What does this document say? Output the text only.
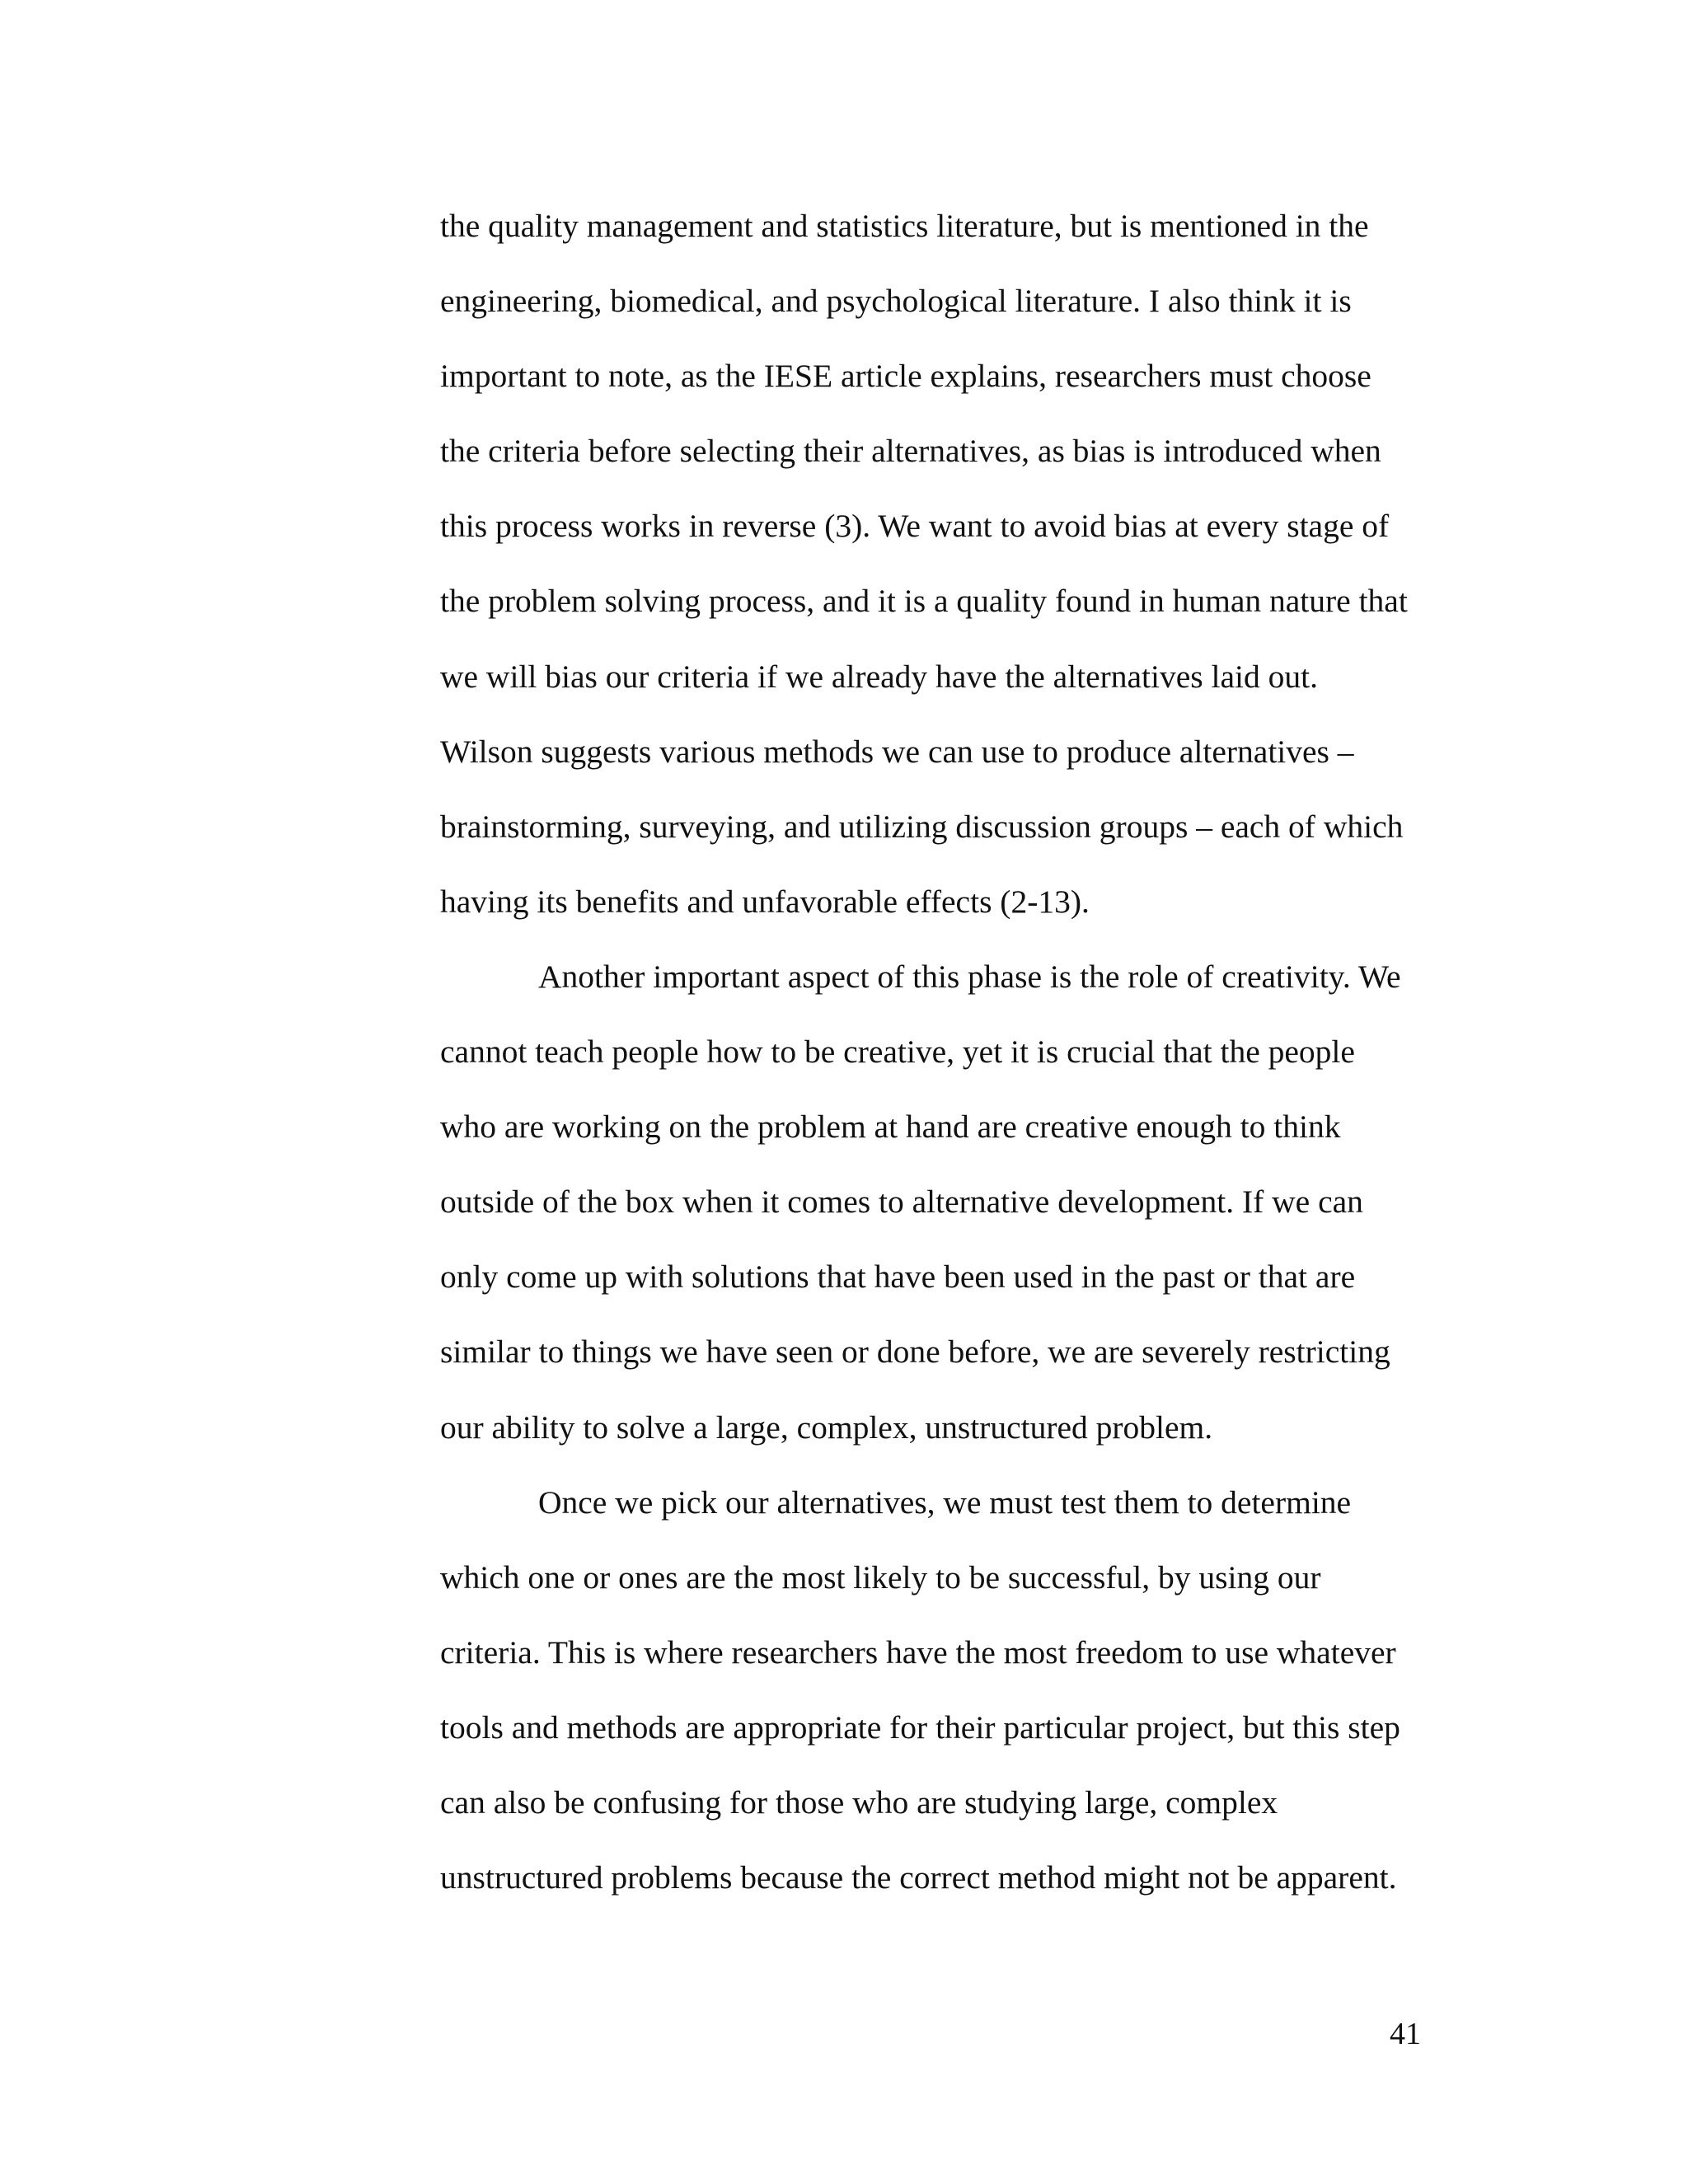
the quality management and statistics literature, but is mentioned in the
engineering, biomedical, and psychological literature. I also think it is
important to note, as the IESE article explains, researchers must choose
the criteria before selecting their alternatives, as bias is introduced when
this process works in reverse (3). We want to avoid bias at every stage of
the problem solving process, and it is a quality found in human nature that
we will bias our criteria if we already have the alternatives laid out.
Wilson suggests various methods we can use to produce alternatives –
brainstorming, surveying, and utilizing discussion groups – each of which
having its benefits and unfavorable effects (2-13).
Another important aspect of this phase is the role of creativity. We
cannot teach people how to be creative, yet it is crucial that the people
who are working on the problem at hand are creative enough to think
outside of the box when it comes to alternative development. If we can
only come up with solutions that have been used in the past or that are
similar to things we have seen or done before, we are severely restricting
our ability to solve a large, complex, unstructured problem.
Once we pick our alternatives, we must test them to determine
which one or ones are the most likely to be successful, by using our
criteria. This is where researchers have the most freedom to use whatever
tools and methods are appropriate for their particular project, but this step
can also be confusing for those who are studying large, complex
unstructured problems because the correct method might not be apparent.
41
